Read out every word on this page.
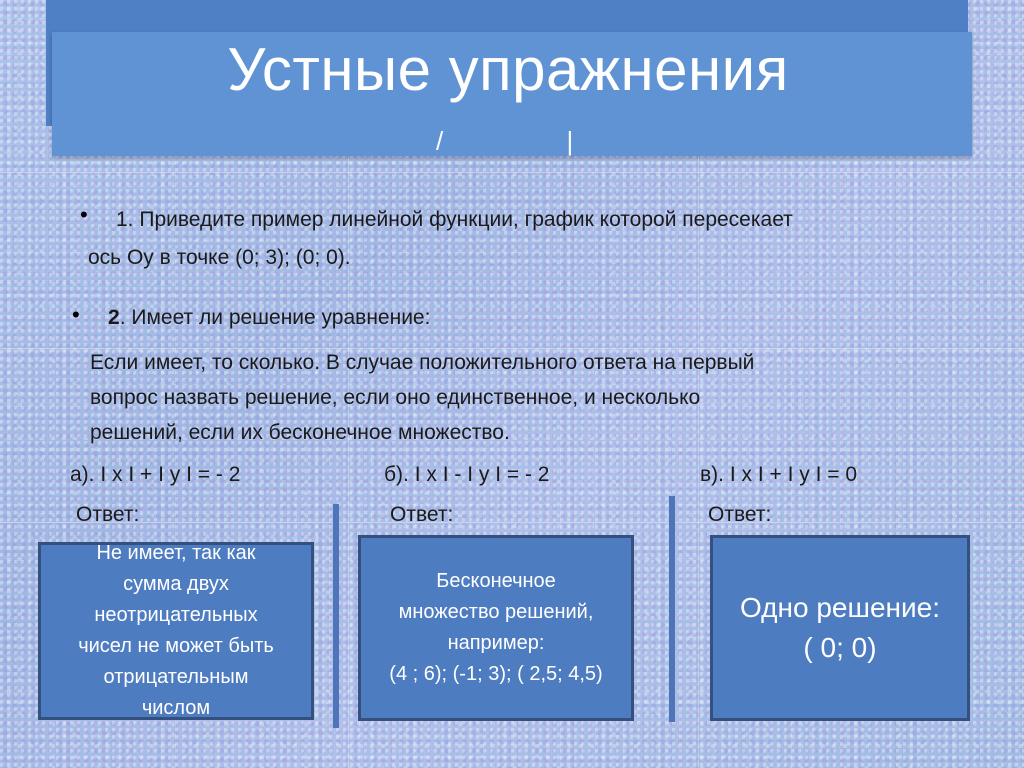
Устные упражнения
/ |
• 1. Приведите пример линейной функции, график которой пересекает
ось Оу в точке (0; 3); (0; 0).
• 2. Имеет ли решение уравнение:
Если имеет, то сколько. В случае положительного ответа на первый
вопрос назвать решение, если оно единственное, и несколько
решений, если их бесконечное множество.
а). I x I + I y I = - 2	б). I x I - I y I = - 2	в). I x I + I y I = 0
Ответ:	Ответ:	Ответ:
Не имеет, так как
сумма двух
неотрицательных
чисел не может быть
отрицательным
числом
Бесконечное
множество решений,
например:
(4 ; 6); (-1; 3); ( 2,5; 4,5)
Одно решение:
( 0; 0)
